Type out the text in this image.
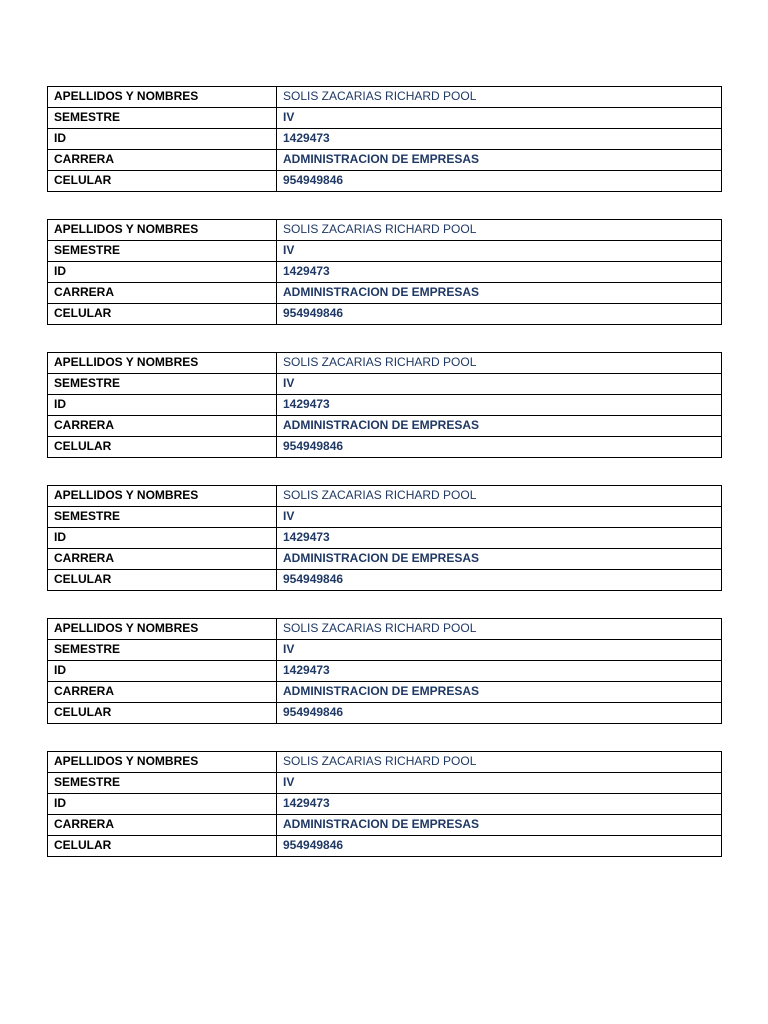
APELLIDOS Y NOMBRES	SOLIS ZACARIAS RICHARD POOL
SEMESTRE	IV
ID	1429473
CARRERA	ADMINISTRACION DE EMPRESAS
CELULAR	954949846
APELLIDOS Y NOMBRES	SOLIS ZACARIAS RICHARD POOL
SEMESTRE	IV
ID	1429473
CARRERA	ADMINISTRACION DE EMPRESAS
CELULAR	954949846
APELLIDOS Y NOMBRES	SOLIS ZACARIAS RICHARD POOL
SEMESTRE	IV
ID	1429473
CARRERA	ADMINISTRACION DE EMPRESAS
CELULAR	954949846
APELLIDOS Y NOMBRES	SOLIS ZACARIAS RICHARD POOL
SEMESTRE	IV
ID	1429473
CARRERA	ADMINISTRACION DE EMPRESAS
CELULAR	954949846
APELLIDOS Y NOMBRES	SOLIS ZACARIAS RICHARD POOL
SEMESTRE	IV
ID	1429473
CARRERA	ADMINISTRACION DE EMPRESAS
CELULAR	954949846
APELLIDOS Y NOMBRES	SOLIS ZACARIAS RICHARD POOL
SEMESTRE	IV
ID	1429473
CARRERA	ADMINISTRACION DE EMPRESAS
CELULAR	954949846
